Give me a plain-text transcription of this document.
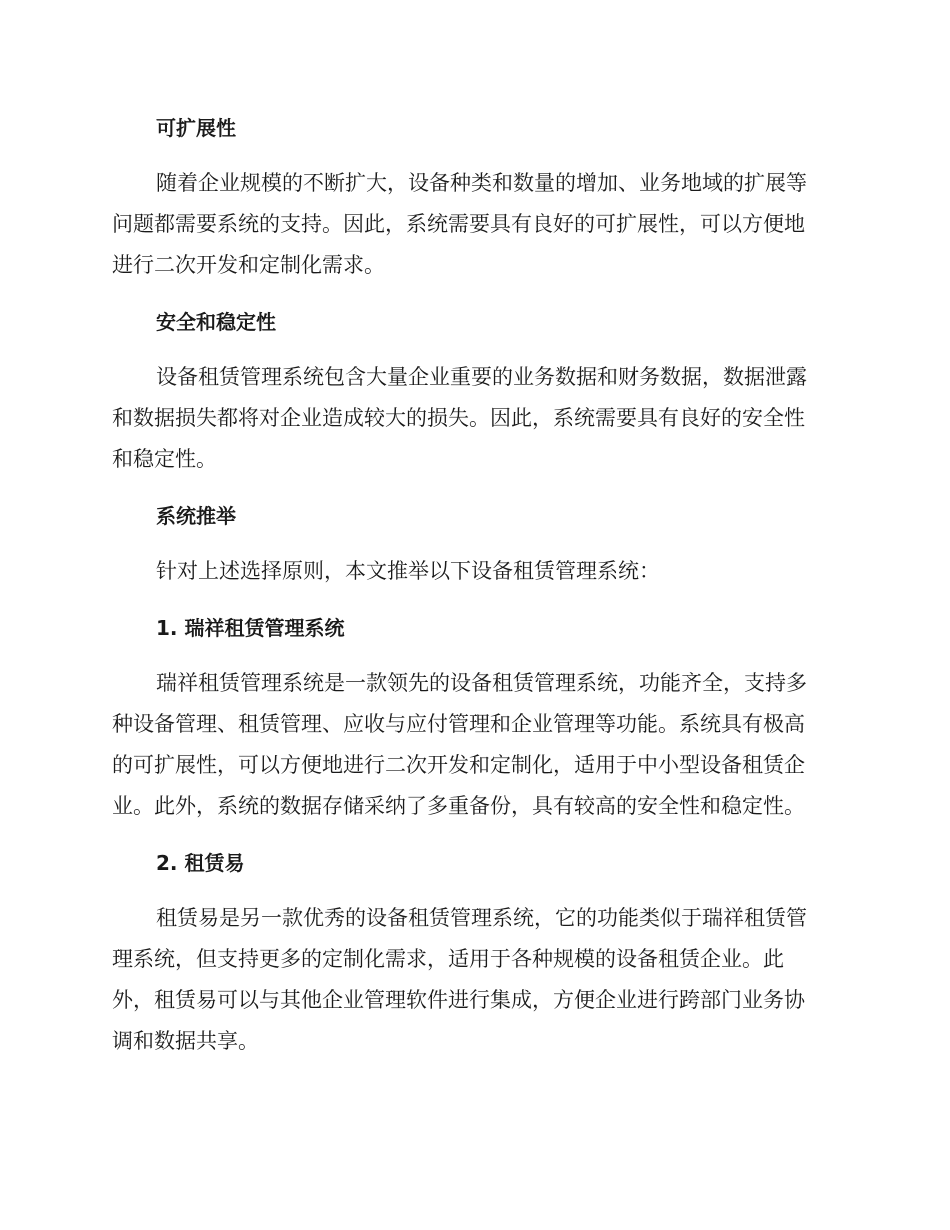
可扩展性

随着企业规模的不断扩大，设备种类和数量的增加、业务地域的扩展等
问题都需要系统的支持。因此，系统需要具有良好的可扩展性，可以方便地
进行二次开发和定制化需求。

安全和稳定性

设备租赁管理系统包含大量企业重要的业务数据和财务数据，数据泄露
和数据损失都将对企业造成较大的损失。因此，系统需要具有良好的安全性
和稳定性。

系统推举

针对上述选择原则，本文推举以下设备租赁管理系统：

1. 瑞祥租赁管理系统

瑞祥租赁管理系统是一款领先的设备租赁管理系统，功能齐全，支持多
种设备管理、租赁管理、应收与应付管理和企业管理等功能。系统具有极高
的可扩展性，可以方便地进行二次开发和定制化，适用于中小型设备租赁企
业。此外，系统的数据存储采纳了多重备份，具有较高的安全性和稳定性。

2. 租赁易

租赁易是另一款优秀的设备租赁管理系统，它的功能类似于瑞祥租赁管
理系统，但支持更多的定制化需求，适用于各种规模的设备租赁企业。此
外，租赁易可以与其他企业管理软件进行集成，方便企业进行跨部门业务协
调和数据共享。
